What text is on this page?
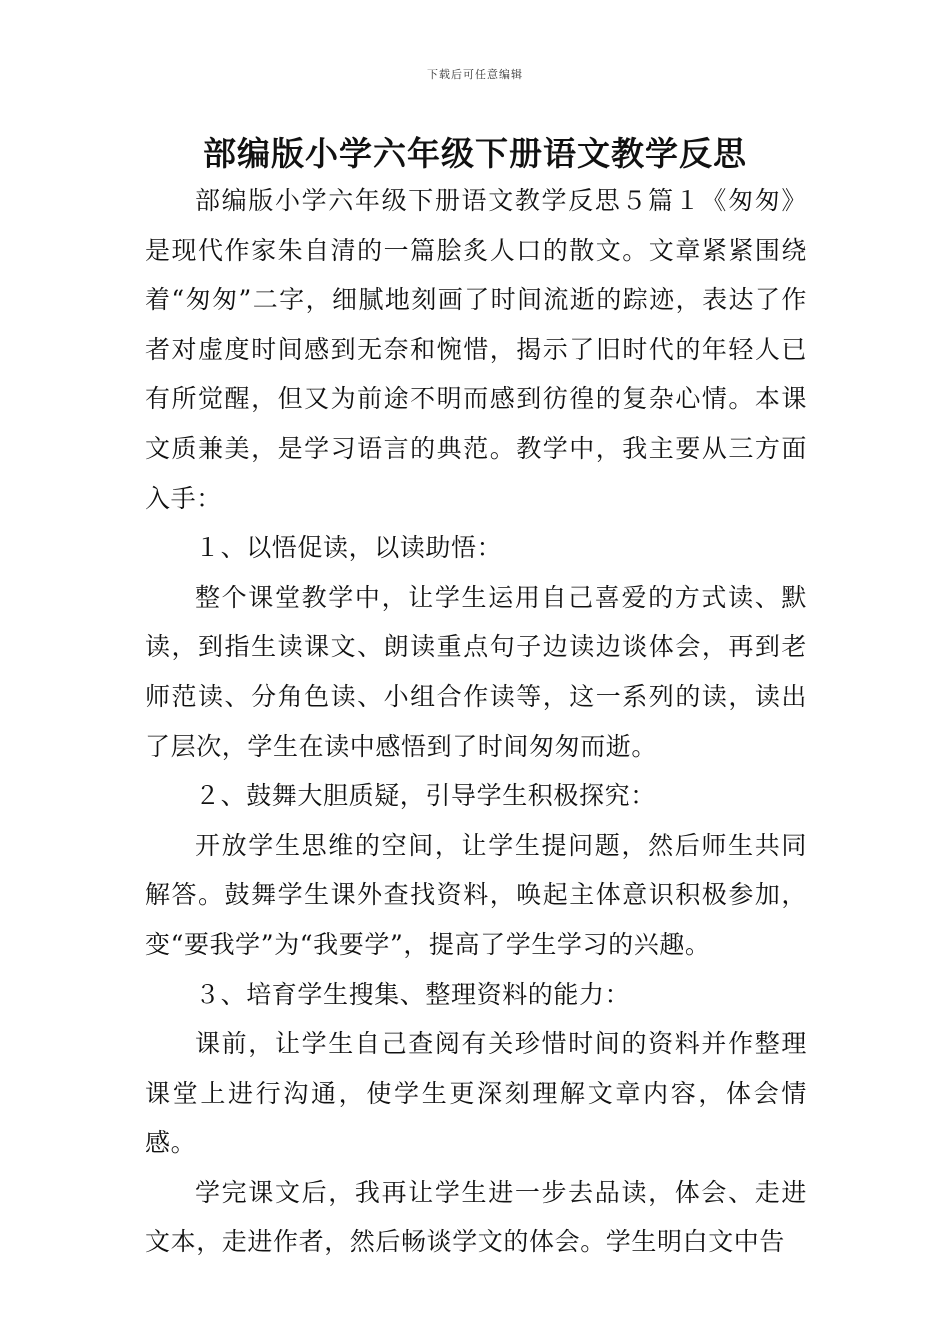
下载后可任意编辑
部编版小学六年级下册语文教学反思

部编版小学六年级下册语文教学反思５篇１《匆匆》是现代作家朱自清的一篇脍炙人口的散文。文章紧紧围绕着“匆匆”二字，细腻地刻画了时间流逝的踪迹，表达了作者对虚度时间感到无奈和惋惜，揭示了旧时代的年轻人已有所觉醒，但又为前途不明而感到彷徨的复杂心情。本课文质兼美，是学习语言的典范。教学中，我主要从三方面入手：

１、以悟促读，以读助悟：

整个课堂教学中，让学生运用自己喜爱的方式读、默读，到指生读课文、朗读重点句子边读边谈体会，再到老师范读、分角色读、小组合作读等，这一系列的读，读出了层次，学生在读中感悟到了时间匆匆而逝。

２、鼓舞大胆质疑，引导学生积极探究：

开放学生思维的空间，让学生提问题，然后师生共同解答。鼓舞学生课外查找资料，唤起主体意识积极参加，变“要我学”为“我要学”，提高了学生学习的兴趣。

３、培育学生搜集、整理资料的能力：

课前，让学生自己查阅有关珍惜时间的资料并作整理课堂上进行沟通，使学生更深刻理解文章内容，体会情感。

学完课文后，我再让学生进一步去品读，体会、走进文本，走进作者，然后畅谈学文的体会。学生明白文中告
